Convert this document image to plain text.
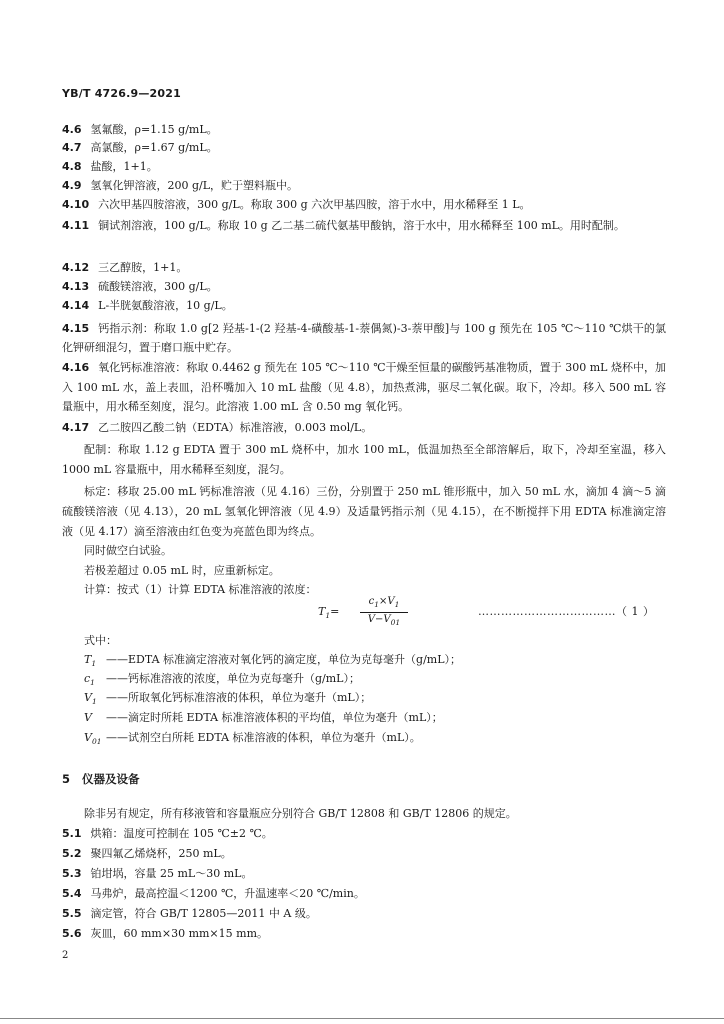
YB/T 4726.9—2021
4.6 氢氟酸，ρ=1.15 g/mL。
4.7 高氯酸，ρ=1.67 g/mL。
4.8 盐酸，1+1。
4.9 氢氧化钾溶液，200 g/L，贮于塑料瓶中。
4.10 六次甲基四胺溶液，300 g/L。称取 300 g 六次甲基四胺，溶于水中，用水稀释至 1 L。
4.11 铜试剂溶液，100 g/L。称取 10 g 乙二基二硫代氨基甲酸钠，溶于水中，用水稀释至 100 mL。用时配制。
4.12 三乙醇胺，1+1。
4.13 硫酸镁溶液，300 g/L。
4.14 L-半胱氨酸溶液，10 g/L。
4.15 钙指示剂：称取 1.0 g[2 羟基-1-(2 羟基-4-磺酸基-1-萘偶氮)-3-萘甲酸]与 100 g 预先在 105 ℃～110 ℃烘干的氯化钾研细混匀，置于磨口瓶中贮存。
4.16 氧化钙标准溶液：称取 0.4462 g 预先在 105 ℃～110 ℃干燥至恒量的碳酸钙基准物质，置于 300 mL 烧杯中，加入 100 mL 水，盖上表皿，沿杯嘴加入 10 mL 盐酸（见 4.8），加热煮沸，驱尽二氧化碳。取下，冷却。移入 500 mL 容量瓶中，用水稀至刻度，混匀。此溶液 1.00 mL 含 0.50 mg 氧化钙。
4.17 乙二胺四乙酸二钠（EDTA）标准溶液，0.003 mol/L。
配制：称取 1.12 g EDTA 置于 300 mL 烧杯中，加水 100 mL，低温加热至全部溶解后，取下，冷却至室温，移入 1000 mL 容量瓶中，用水稀释至刻度，混匀。
标定：移取 25.00 mL 钙标准溶液（见 4.16）三份，分别置于 250 mL 锥形瓶中，加入 50 mL 水，滴加 4 滴～5 滴硫酸镁溶液（见 4.13），20 mL 氢氧化钾溶液（见 4.9）及适量钙指示剂（见 4.15），在不断搅拌下用 EDTA 标准滴定溶液（见 4.17）滴至溶液由红色变为亮蓝色即为终点。
同时做空白试验。
若极差超过 0.05 mL 时，应重新标定。
计算：按式（1）计算 EDTA 标准溶液的浓度：
$T_1=$
$c_1\times V_1$
$V-V_{01}$
………………………………（ 1 ）
式中：
$T_1$ ——EDTA 标准滴定溶液对氧化钙的滴定度，单位为克每毫升（g/mL）；
$c_1$ ——钙标准溶液的浓度，单位为克每毫升（g/mL）；
$V_1$ ——所取氧化钙标准溶液的体积，单位为毫升（mL）；
V ——滴定时所耗 EDTA 标准溶液体积的平均值，单位为毫升（mL）；
$V_{01}$ ——试剂空白所耗 EDTA 标准溶液的体积，单位为毫升（mL）。
5 仪器及设备
除非另有规定，所有移液管和容量瓶应分别符合 GB/T 12808 和 GB/T 12806 的规定。
5.1 烘箱：温度可控制在 105 ℃±2 ℃。
5.2 聚四氟乙烯烧杯，250 mL。
5.3 铂坩埚，容量 25 mL～30 mL。
5.4 马弗炉，最高控温＜1200 ℃，升温速率＜20 ℃/min。
5.5 滴定管，符合 GB/T 12805—2011 中 A 级。
5.6 灰皿，60 mm×30 mm×15 mm。
2
